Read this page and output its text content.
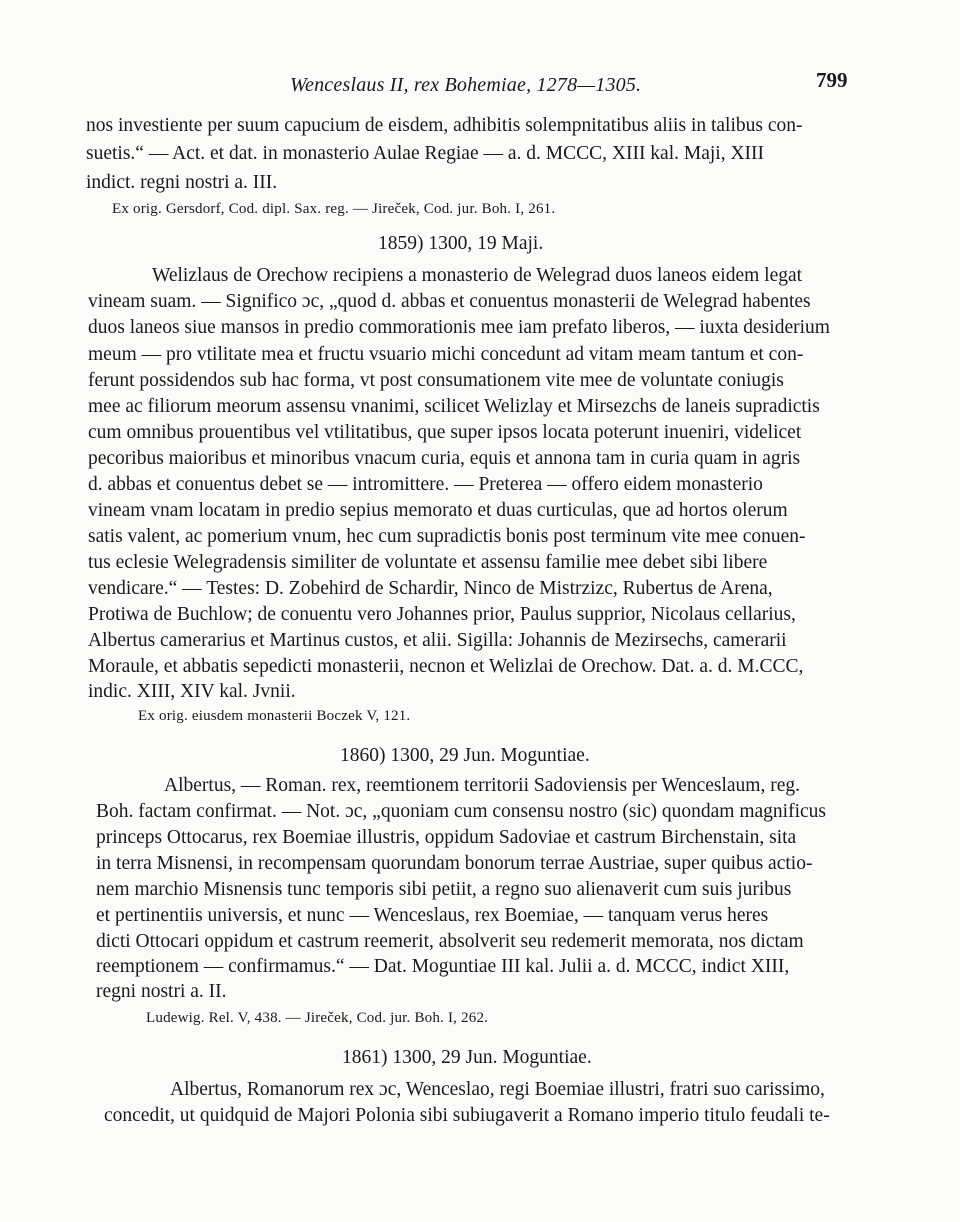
Wenceslaus II, rex Bohemiae, 1278—1305.	799
nos investiente per suum capucium de eisdem, adhibitis solempnitatibus aliis in talibus con-
suetis.“ — Act. et dat. in monasterio Aulae Regiae — a. d. MCCC, XIII kal. Maji, XIII
indict. regni nostri a. III.
Ex orig. Gersdorf, Cod. dipl. Sax. reg. — Jireček, Cod. jur. Boh. I, 261.
1859) 1300, 19 Maji.
Welizlaus de Orechow recipiens a monasterio de Welegrad duos laneos eidem legat
vineam suam. — Significo ɔc, „quod d. abbas et conuentus monasterii de Welegrad habentes
duos laneos siue mansos in predio commorationis mee iam prefato liberos, — iuxta desiderium
meum — pro vtilitate mea et fructu vsuario michi concedunt ad vitam meam tantum et con-
ferunt possidendos sub hac forma, vt post consumationem vite mee de voluntate coniugis
mee ac filiorum meorum assensu vnanimi, scilicet Welizlay et Mirsezchs de laneis supradictis
cum omnibus prouentibus vel vtilitatibus, que super ipsos locata poterunt inueniri, videlicet
pecoribus maioribus et minoribus vnacum curia, equis et annona tam in curia quam in agris
d. abbas et conuentus debet se — intromittere. — Preterea — offero eidem monasterio
vineam vnam locatam in predio sepius memorato et duas curticulas, que ad hortos olerum
satis valent, ac pomerium vnum, hec cum supradictis bonis post terminum vite mee conuen-
tus eclesie Welegradensis similiter de voluntate et assensu familie mee debet sibi libere
vendicare.“ — Testes: D. Zobehird de Schardir, Ninco de Mistrzizc, Rubertus de Arena,
Protiwa de Buchlow; de conuentu vero Johannes prior, Paulus supprior, Nicolaus cellarius,
Albertus camerarius et Martinus custos, et alii. Sigilla: Johannis de Mezirsechs, camerarii
Moraule, et abbatis sepedicti monasterii, necnon et Welizlai de Orechow. Dat. a. d. M.CCC,
indic. XIII, XIV kal. Jvnii.
Ex orig. eiusdem monasterii Boczek V, 121.
1860) 1300, 29 Jun. Moguntiae.
Albertus, — Roman. rex, reemtionem territorii Sadoviensis per Wenceslaum, reg.
Boh. factam confirmat. — Not. ɔc, „quoniam cum consensu nostro (sic) quondam magnificus
princeps Ottocarus, rex Boemiae illustris, oppidum Sadoviae et castrum Birchenstain, sita
in terra Misnensi, in recompensam quorundam bonorum terrae Austriae, super quibus actio-
nem marchio Misnensis tunc temporis sibi petiit, a regno suo alienaverit cum suis juribus
et pertinentiis universis, et nunc — Wenceslaus, rex Boemiae, — tanquam verus heres
dicti Ottocari oppidum et castrum reemerit, absolverit seu redemerit memorata, nos dictam
reemptionem — confirmamus.“ — Dat. Moguntiae III kal. Julii a. d. MCCC, indict XIII,
regni nostri a. II.
Ludewig. Rel. V, 438. — Jireček, Cod. jur. Boh. I, 262.
1861) 1300, 29 Jun. Moguntiae.
Albertus, Romanorum rex ɔc, Wenceslao, regi Boemiae illustri, fratri suo carissimo,
concedit, ut quidquid de Majori Polonia sibi subiugaverit a Romano imperio titulo feudali te-
